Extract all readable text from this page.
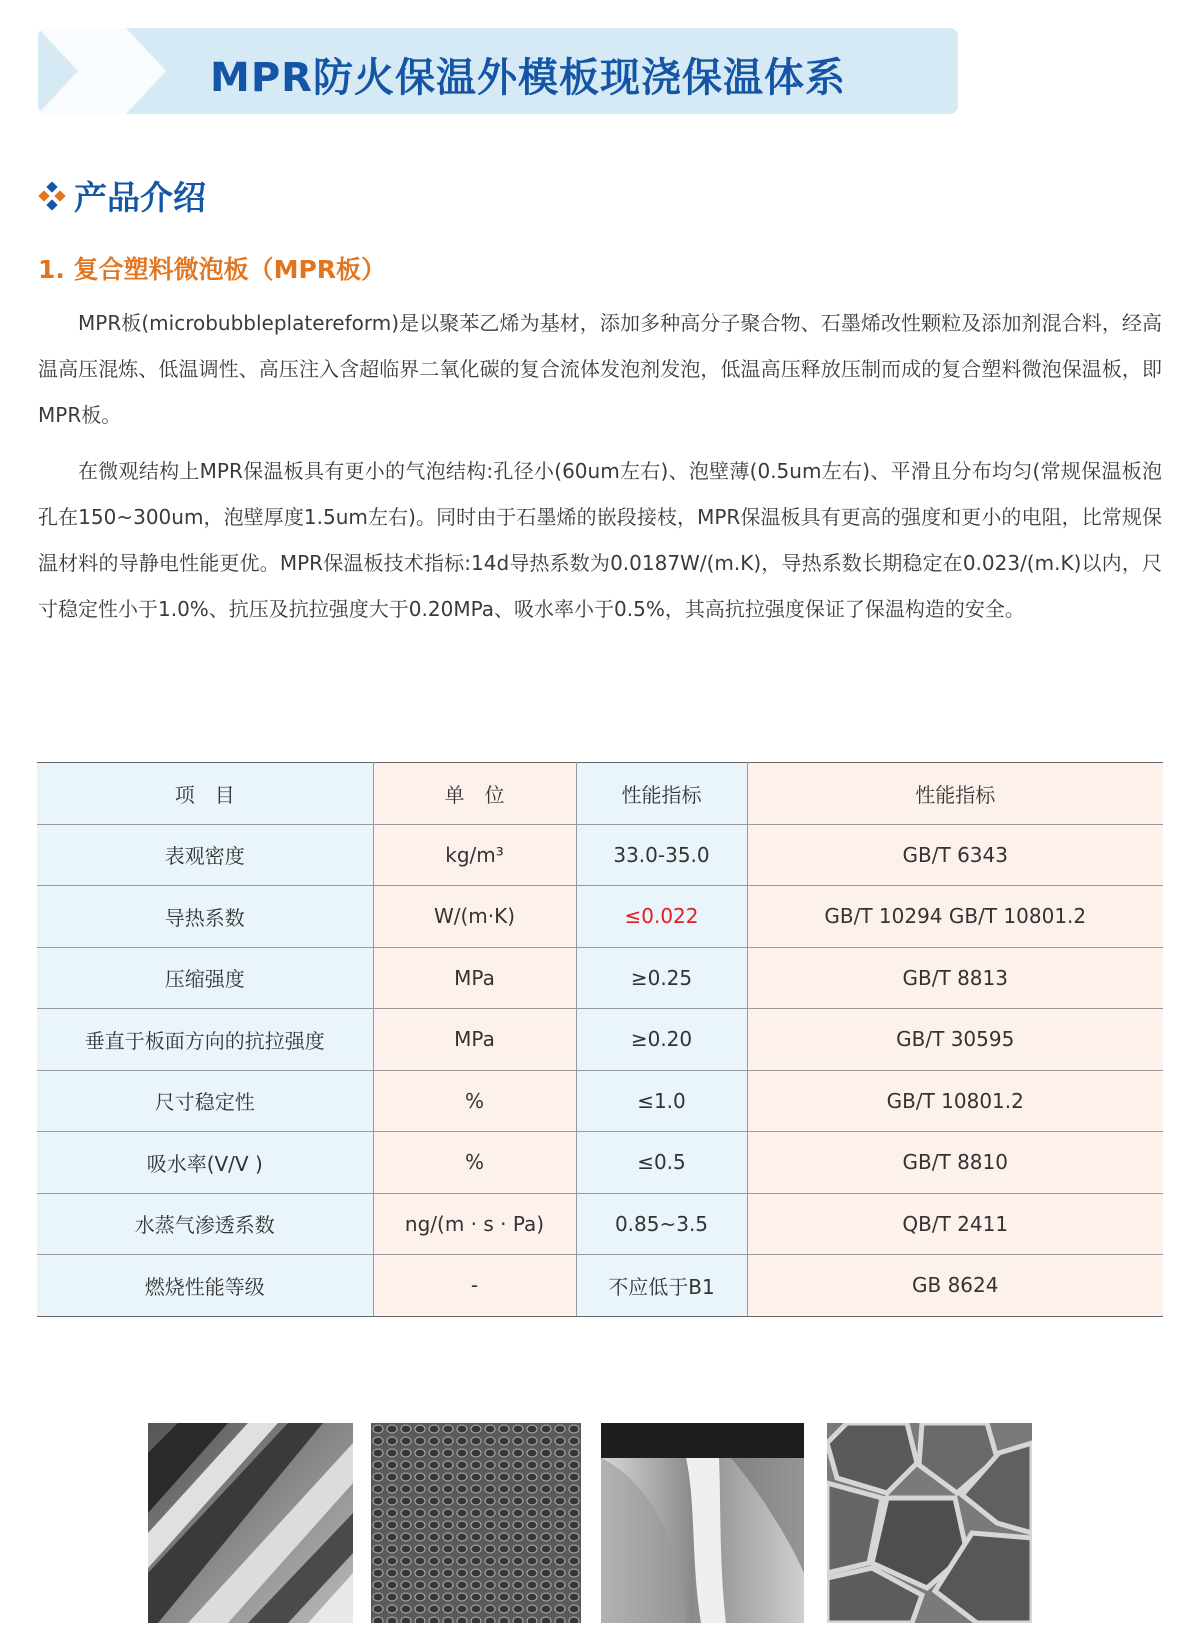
MPR防火保温外模板现浇保温体系
产品介绍
1. 复合塑料微泡板（MPR板）

MPR板(microbubbleplatereform)是以聚苯乙烯为基材，添加多种高分子聚合物、石墨烯改性颗粒及添加剂混合料，经高温高压混炼、低温调性、高压注入含超临界二氧化碳的复合流体发泡剂发泡，低温高压释放压制而成的复合塑料微泡保温板，即MPR板。

在微观结构上MPR保温板具有更小的气泡结构:孔径小(60um左右)、泡壁薄(0.5um左右)、平滑且分布均匀(常规保温板泡孔在150~300um，泡壁厚度1.5um左右)。同时由于石墨烯的嵌段接枝，MPR保温板具有更高的强度和更小的电阻，比常规保温材料的导静电性能更优。MPR保温板技术指标:14d导热系数为0.0187W/(m.K)，导热系数长期稳定在0.023/(m.K)以内，尺寸稳定性小于1.0%、抗压及抗拉强度大于0.20MPa、吸水率小于0.5%，其高抗拉强度保证了保温构造的安全。

项　目	单　位	性能指标	性能指标
表观密度	kg/m³	33.0-35.0	GB/T 6343
导热系数	W/(m·K)	≤0.022	GB/T 10294 GB/T 10801.2
压缩强度	MPa	≥0.25	GB/T 8813
垂直于板面方向的抗拉强度	MPa	≥0.20	GB/T 30595
尺寸稳定性	%	≤1.0	GB/T 10801.2
吸水率(V/V )	%	≤0.5	GB/T 8810
水蒸气渗透系数	ng/(m · s · Pa)	0.85~3.5	QB/T 2411
燃烧性能等级	-	不应低于B1	GB 8624
